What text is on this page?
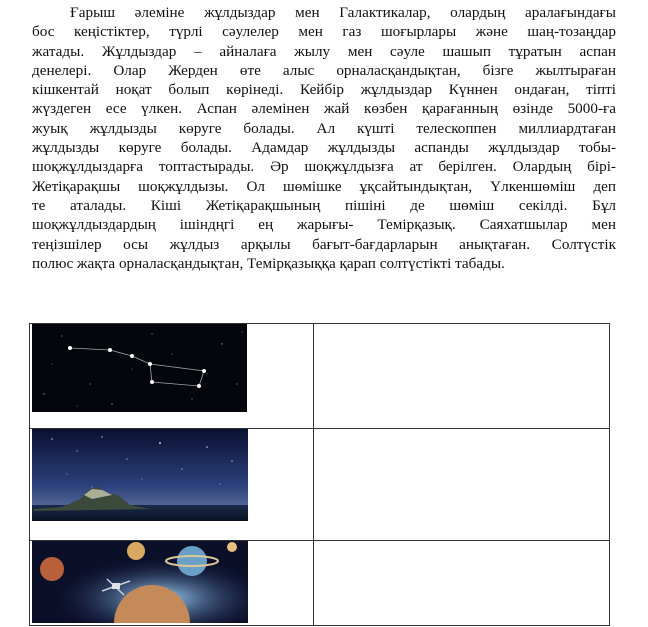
Ғарыш әлеміне жұлдыздар мен Галактикалар, олардың аралағындағы
бос кеңістіктер, түрлі сәулелер мен газ шоғырлары және шаң-тозаңдар
жатады. Жұлдыздар – айналаға жылу мен сәуле шашып тұратын аспан
денелері. Олар Жерден өте алыс орналасқандықтан, бізге жылтыраған
кішкентай ноқат болып көрінеді. Кейбір жұлдыздар Күннен ондаған, тіпті
жүздеген есе үлкен. Аспан әлемінен жай көзбен қарағанның өзінде 5000-ға
жуық жұлдызды көруге болады. Ал күшті телескоппен миллиардтаған
жұлдызды көруге болады. Адамдар жұлдызды аспанды жұлдыздар тобы-
шоқжұлдыздарға топтастырады. Әр шоқжұлдызға ат берілген. Олардың бірі-
Жетіқарақшы шоқжұлдызы. Ол шөмішке ұқсайтындықтан, Үлкеншөміш деп
те аталады. Кіші Жетіқарақшының пішіні де шөміш секілді. Бұл
шоқжұлдыздардың ішіндңгі ең жарығы- Темірқазық. Саяхатшылар мен
теңізшілер осы жұлдыз арқылы бағыт-бағдарларын анықтаған. Солтүстік
полюс жақта орналасқандықтан, Темірқазыққа қарап солтүстікті табады.
